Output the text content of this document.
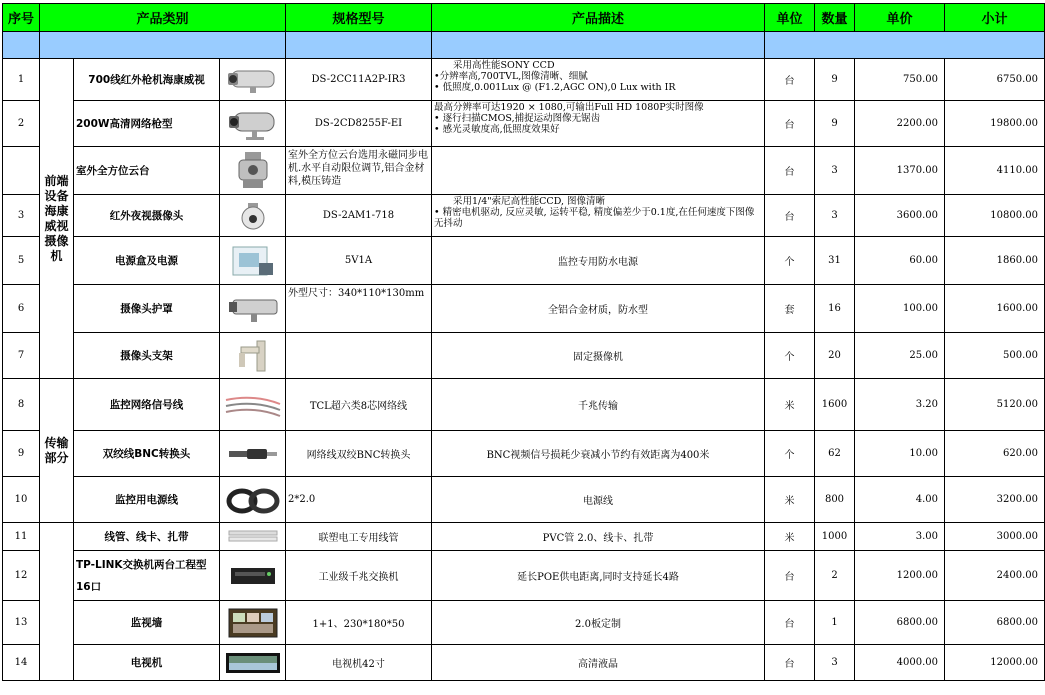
序号	产品类别			规格型号	产品描述	单位	数量	单价	小计

1	前端设备海康威视摄像机	700线红外枪机海康威视		DS-2CC11A2P-IR3	　　采用高性能SONY CCD
•分辨率高,700TVL,图像清晰、细腻
• 低照度,0.001Lux @ (F1.2,AGC ON),0 Lux with IR	台	9	750.00	6750.00
2		200W高清网络枪型		DS-2CD8255F-EI	最高分辨率可达1920 × 1080,可输出Full HD 1080P实时图像
• 逐行扫描CMOS,捕捉运动图像无锯齿
• 感光灵敏度高,低照度效果好	台	9	2200.00	19800.00
		室外全方位云台		室外全方位云台选用永磁同步电机.水平自动限位调节,铝合金材料,模压铸造		台	3	1370.00	4110.00
3		红外夜视摄像头		DS-2AM1-718	　　采用1/4"索尼高性能CCD, 图像清晰
• 精密电机驱动, 反应灵敏, 运转平稳, 精度偏差少于0.1度,在任何速度下图像无抖动	台	3	3600.00	10800.00
5		电源盒及电源		5V1A	监控专用防水电源	个	31	60.00	1860.00
6		摄像头护罩		外型尺寸：340*110*130mm	全铝合金材质，防水型	套	16	100.00	1600.00
7		摄像头支架			固定摄像机	个	20	25.00	500.00
8	传输部分	监控网络信号线		TCL超六类8芯网络线	千兆传输	米	1600	3.20	5120.00
9		双绞线BNC转换头		网络线双绞BNC转换头	BNC视频信号损耗少衰减小节约有效距离为400米	个	62	10.00	620.00
10		监控用电源线		2*2.0	电源线	米	800	4.00	3200.00
11		线管、线卡、扎带		联塑电工专用线管	PVC管 2.0、线卡、扎带	米	1000	3.00	3000.00
12		TP-LINK交换机两台工程型16口		工业级千兆交换机	延长POE供电距离,同时支持延长4路	台	2	1200.00	2400.00
13		监视墙		1+1、230*180*50	2.0板定制	台	1	6800.00	6800.00
14		电视机		电视机42寸	高清液晶	台	3	4000.00	12000.00
